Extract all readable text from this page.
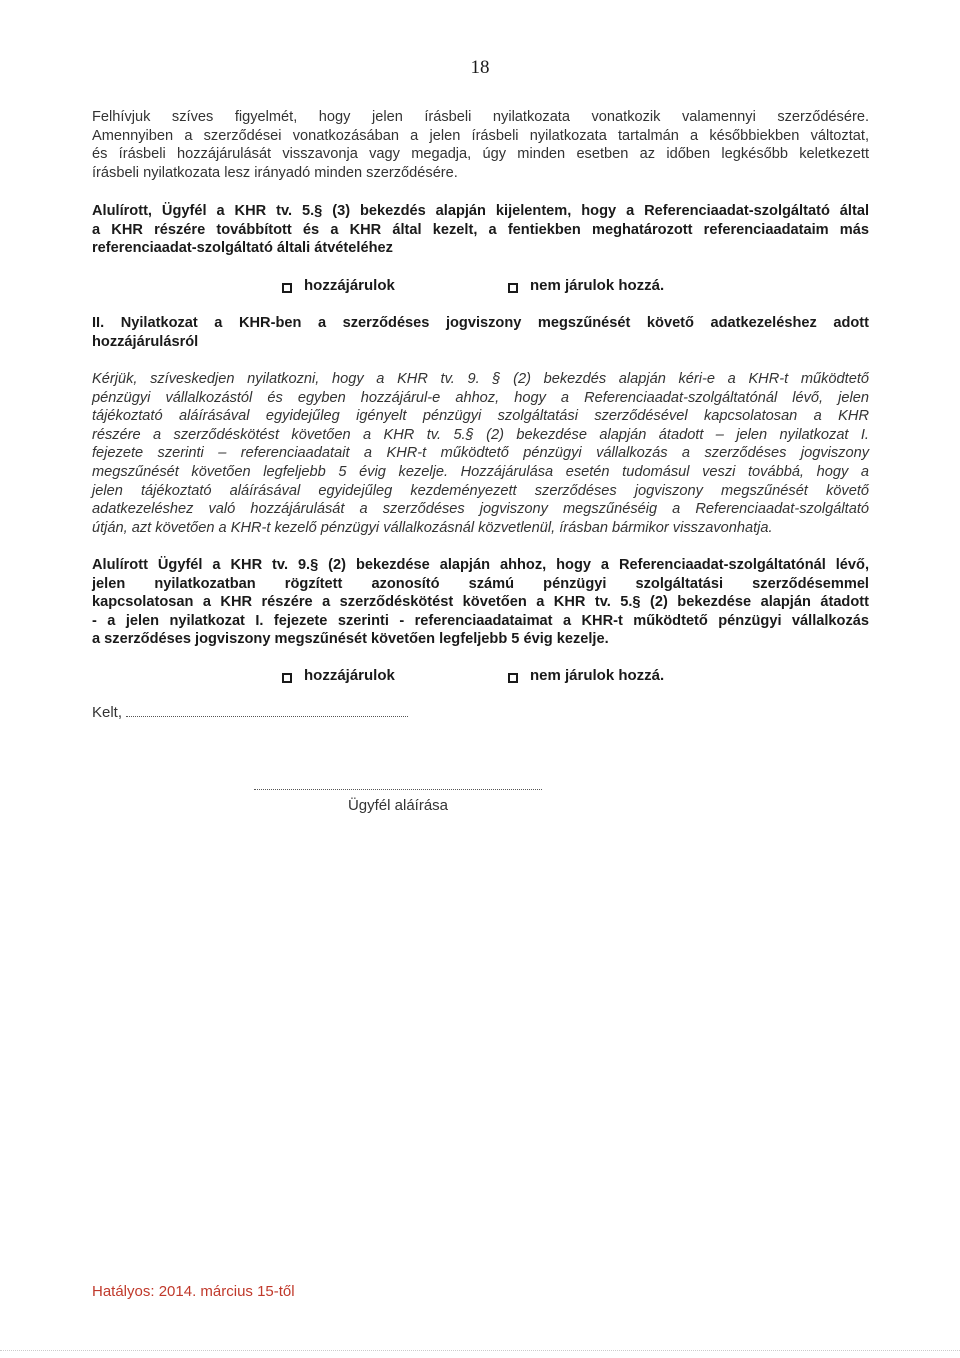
18
Felhívjuk szíves figyelmét, hogy jelen írásbeli nyilatkozata vonatkozik valamennyi szerződésére.
Amennyiben a szerződései vonatkozásában a jelen írásbeli nyilatkozata tartalmán a későbbiekben változtat,
és írásbeli hozzájárulását visszavonja vagy megadja, úgy minden esetben az időben legkésőbb keletkezett
írásbeli nyilatkozata lesz irányadó minden szerződésére.
Alulírott, Ügyfél a KHR tv. 5.§ (3) bekezdés alapján kijelentem, hogy a Referenciaadat-szolgáltató által
a KHR részére továbbított és a KHR által kezelt, a fentiekben meghatározott referenciaadataim más
referenciaadat-szolgáltató általi átvételéhez
hozzájárulok	nem járulok hozzá.
II. Nyilatkozat a KHR-ben a szerződéses jogviszony megszűnését követő adatkezeléshez adott
hozzájárulásról
Kérjük, szíveskedjen nyilatkozni, hogy a KHR tv. 9. § (2) bekezdés alapján kéri-e a KHR-t működtető
pénzügyi vállalkozástól és egyben hozzájárul-e ahhoz, hogy a Referenciaadat-szolgáltatónál lévő, jelen
tájékoztató aláírásával egyidejűleg igényelt pénzügyi szolgáltatási szerződésével kapcsolatosan a KHR
részére a szerződéskötést követően a KHR tv. 5.§ (2) bekezdése alapján átadott – jelen nyilatkozat I.
fejezete szerinti – referenciaadatait a KHR-t működtető pénzügyi vállalkozás a szerződéses jogviszony
megszűnését követően legfeljebb 5 évig kezelje. Hozzájárulása esetén tudomásul veszi továbbá, hogy a
jelen tájékoztató aláírásával egyidejűleg kezdeményezett szerződéses jogviszony megszűnését követő
adatkezeléshez való hozzájárulását a szerződéses jogviszony megszűnéséig a Referenciaadat-szolgáltató
útján, azt követően a KHR-t kezelő pénzügyi vállalkozásnál közvetlenül, írásban bármikor visszavonhatja.
Alulírott Ügyfél a KHR tv. 9.§ (2) bekezdése alapján ahhoz, hogy a Referenciaadat-szolgáltatónál lévő,
jelen nyilatkozatban rögzített azonosító számú pénzügyi szolgáltatási szerződésemmel
kapcsolatosan a KHR részére a szerződéskötést követően a KHR tv. 5.§ (2) bekezdése alapján átadott
- a jelen nyilatkozat I. fejezete szerinti - referenciaadataimat a KHR-t működtető pénzügyi vállalkozás
a szerződéses jogviszony megszűnését követően legfeljebb 5 évig kezelje.
hozzájárulok	nem járulok hozzá.
Kelt,
Ügyfél aláírása
Hatályos: 2014. március 15-től
